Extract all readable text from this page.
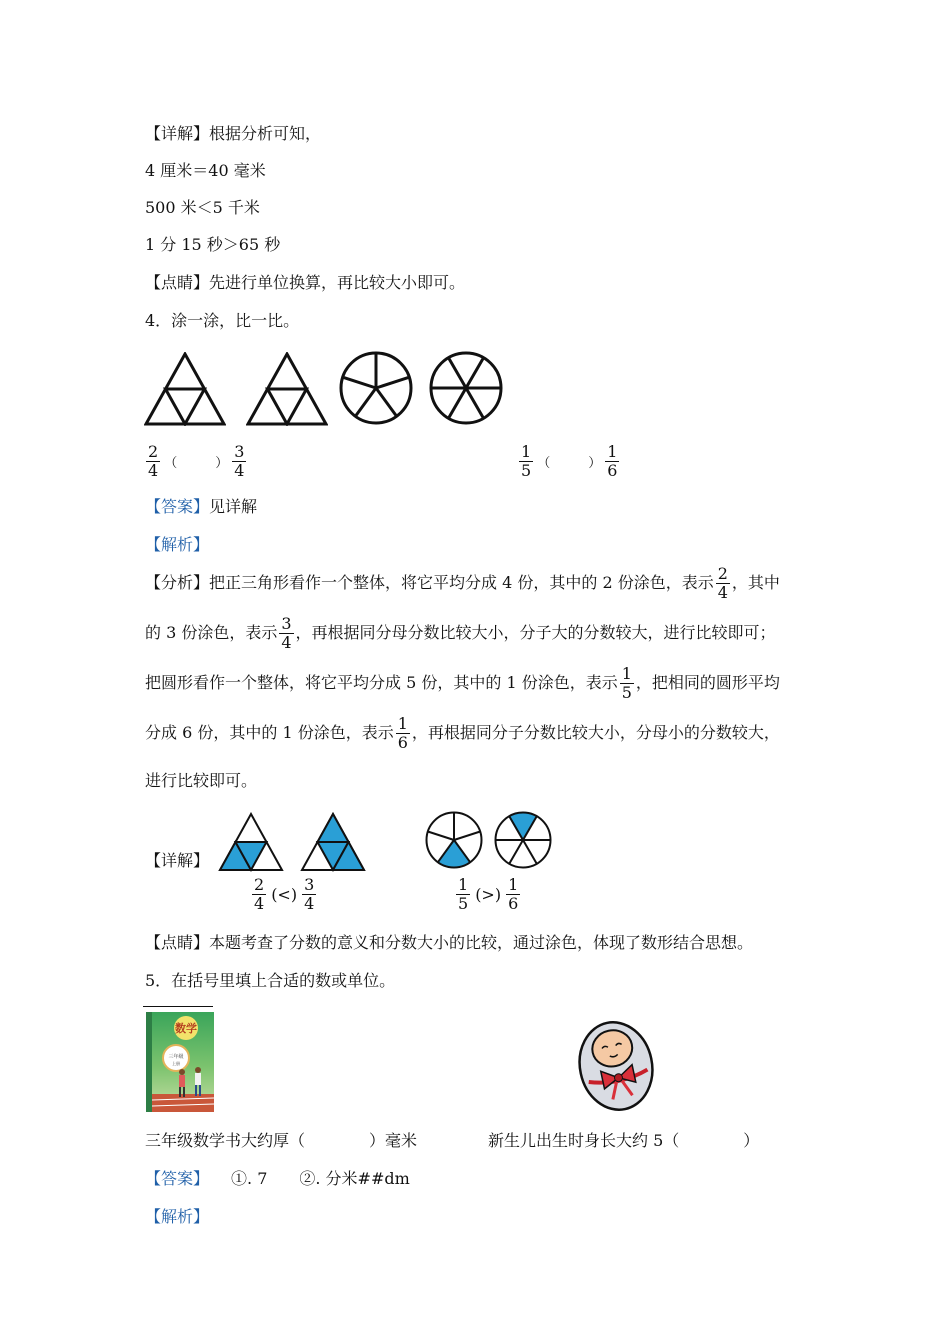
【详解】根据分析可知，
4 厘米＝40 毫米
500 米＜5 千米
1 分 15 秒＞65 秒
【点睛】先进行单位换算，再比较大小即可。
4．涂一涂，比一比。
$\frac{2}{4}$ （	） $\frac{3}{4}$	$\frac{1}{5}$ （	） $\frac{1}{6}$
【答案】见详解
【解析】
【分析】把正三角形看作一个整体，将它平均分成 4 份，其中的 2 份涂色，表示 $\frac{2}{4}$ ，其中
的 3 份涂色，表示 $\frac{3}{4}$ ，再根据同分母分数比较大小，分子大的分数较大，进行比较即可；
把圆形看作一个整体，将它平均分成 5 份，其中的 1 份涂色，表示 $\frac{1}{5}$ ，把相同的圆形平均
分成 6 份，其中的 1 份涂色，表示 $\frac{1}{6}$ ，再根据同分子分数比较大小，分母小的分数较大，
进行比较即可。
【详解】
$\frac{2}{4}$ (<) $\frac{3}{4}$	$\frac{1}{5}$ (>) $\frac{1}{6}$
【点睛】本题考查了分数的意义和分数大小的比较，通过涂色，体现了数形结合思想。
5．在括号里填上合适的数或单位。
数学
三年级
上册
三年级数学书大约厚（　　　　）毫米	新生儿出生时身长大约 5（　　　　）
【答案】 ①. 7　　②. 分米##dm
【解析】
